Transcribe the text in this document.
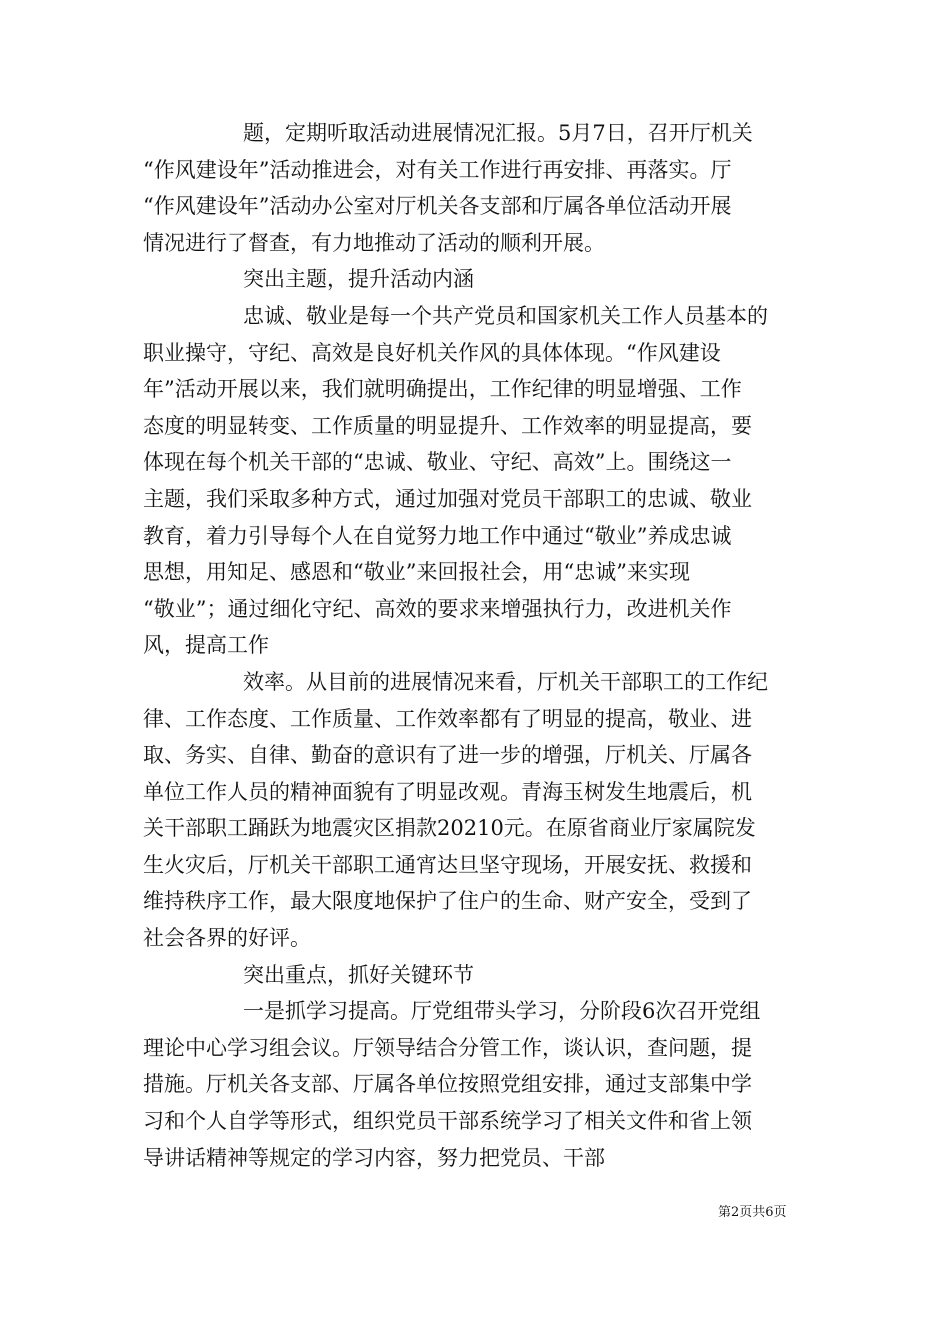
题，定期听取活动进展情况汇报。5月7日，召开厅机关
“作风建设年”活动推进会，对有关工作进行再安排、再落实。厅
“作风建设年”活动办公室对厅机关各支部和厅属各单位活动开展
情况进行了督查，有力地推动了活动的顺利开展。
突出主题，提升活动内涵
忠诚、敬业是每一个共产党员和国家机关工作人员基本的
职业操守，守纪、高效是良好机关作风的具体体现。“作风建设
年”活动开展以来，我们就明确提出，工作纪律的明显增强、工作
态度的明显转变、工作质量的明显提升、工作效率的明显提高，要
体现在每个机关干部的“忠诚、敬业、守纪、高效”上。围绕这一
主题，我们采取多种方式，通过加强对党员干部职工的忠诚、敬业
教育，着力引导每个人在自觉努力地工作中通过“敬业”养成忠诚
思想，用知足、感恩和“敬业”来回报社会，用“忠诚”来实现
“敬业”；通过细化守纪、高效的要求来增强执行力，改进机关作
风，提高工作
效率。从目前的进展情况来看，厅机关干部职工的工作纪
律、工作态度、工作质量、工作效率都有了明显的提高，敬业、进
取、务实、自律、勤奋的意识有了进一步的增强，厅机关、厅属各
单位工作人员的精神面貌有了明显改观。青海玉树发生地震后，机
关干部职工踊跃为地震灾区捐款20210元。在原省商业厅家属院发
生火灾后，厅机关干部职工通宵达旦坚守现场，开展安抚、救援和
维持秩序工作，最大限度地保护了住户的生命、财产安全，受到了
社会各界的好评。
突出重点，抓好关键环节
一是抓学习提高。厅党组带头学习，分阶段6次召开党组
理论中心学习组会议。厅领导结合分管工作，谈认识，查问题，提
措施。厅机关各支部、厅属各单位按照党组安排，通过支部集中学
习和个人自学等形式，组织党员干部系统学习了相关文件和省上领
导讲话精神等规定的学习内容，努力把党员、干部
第2页共6页
